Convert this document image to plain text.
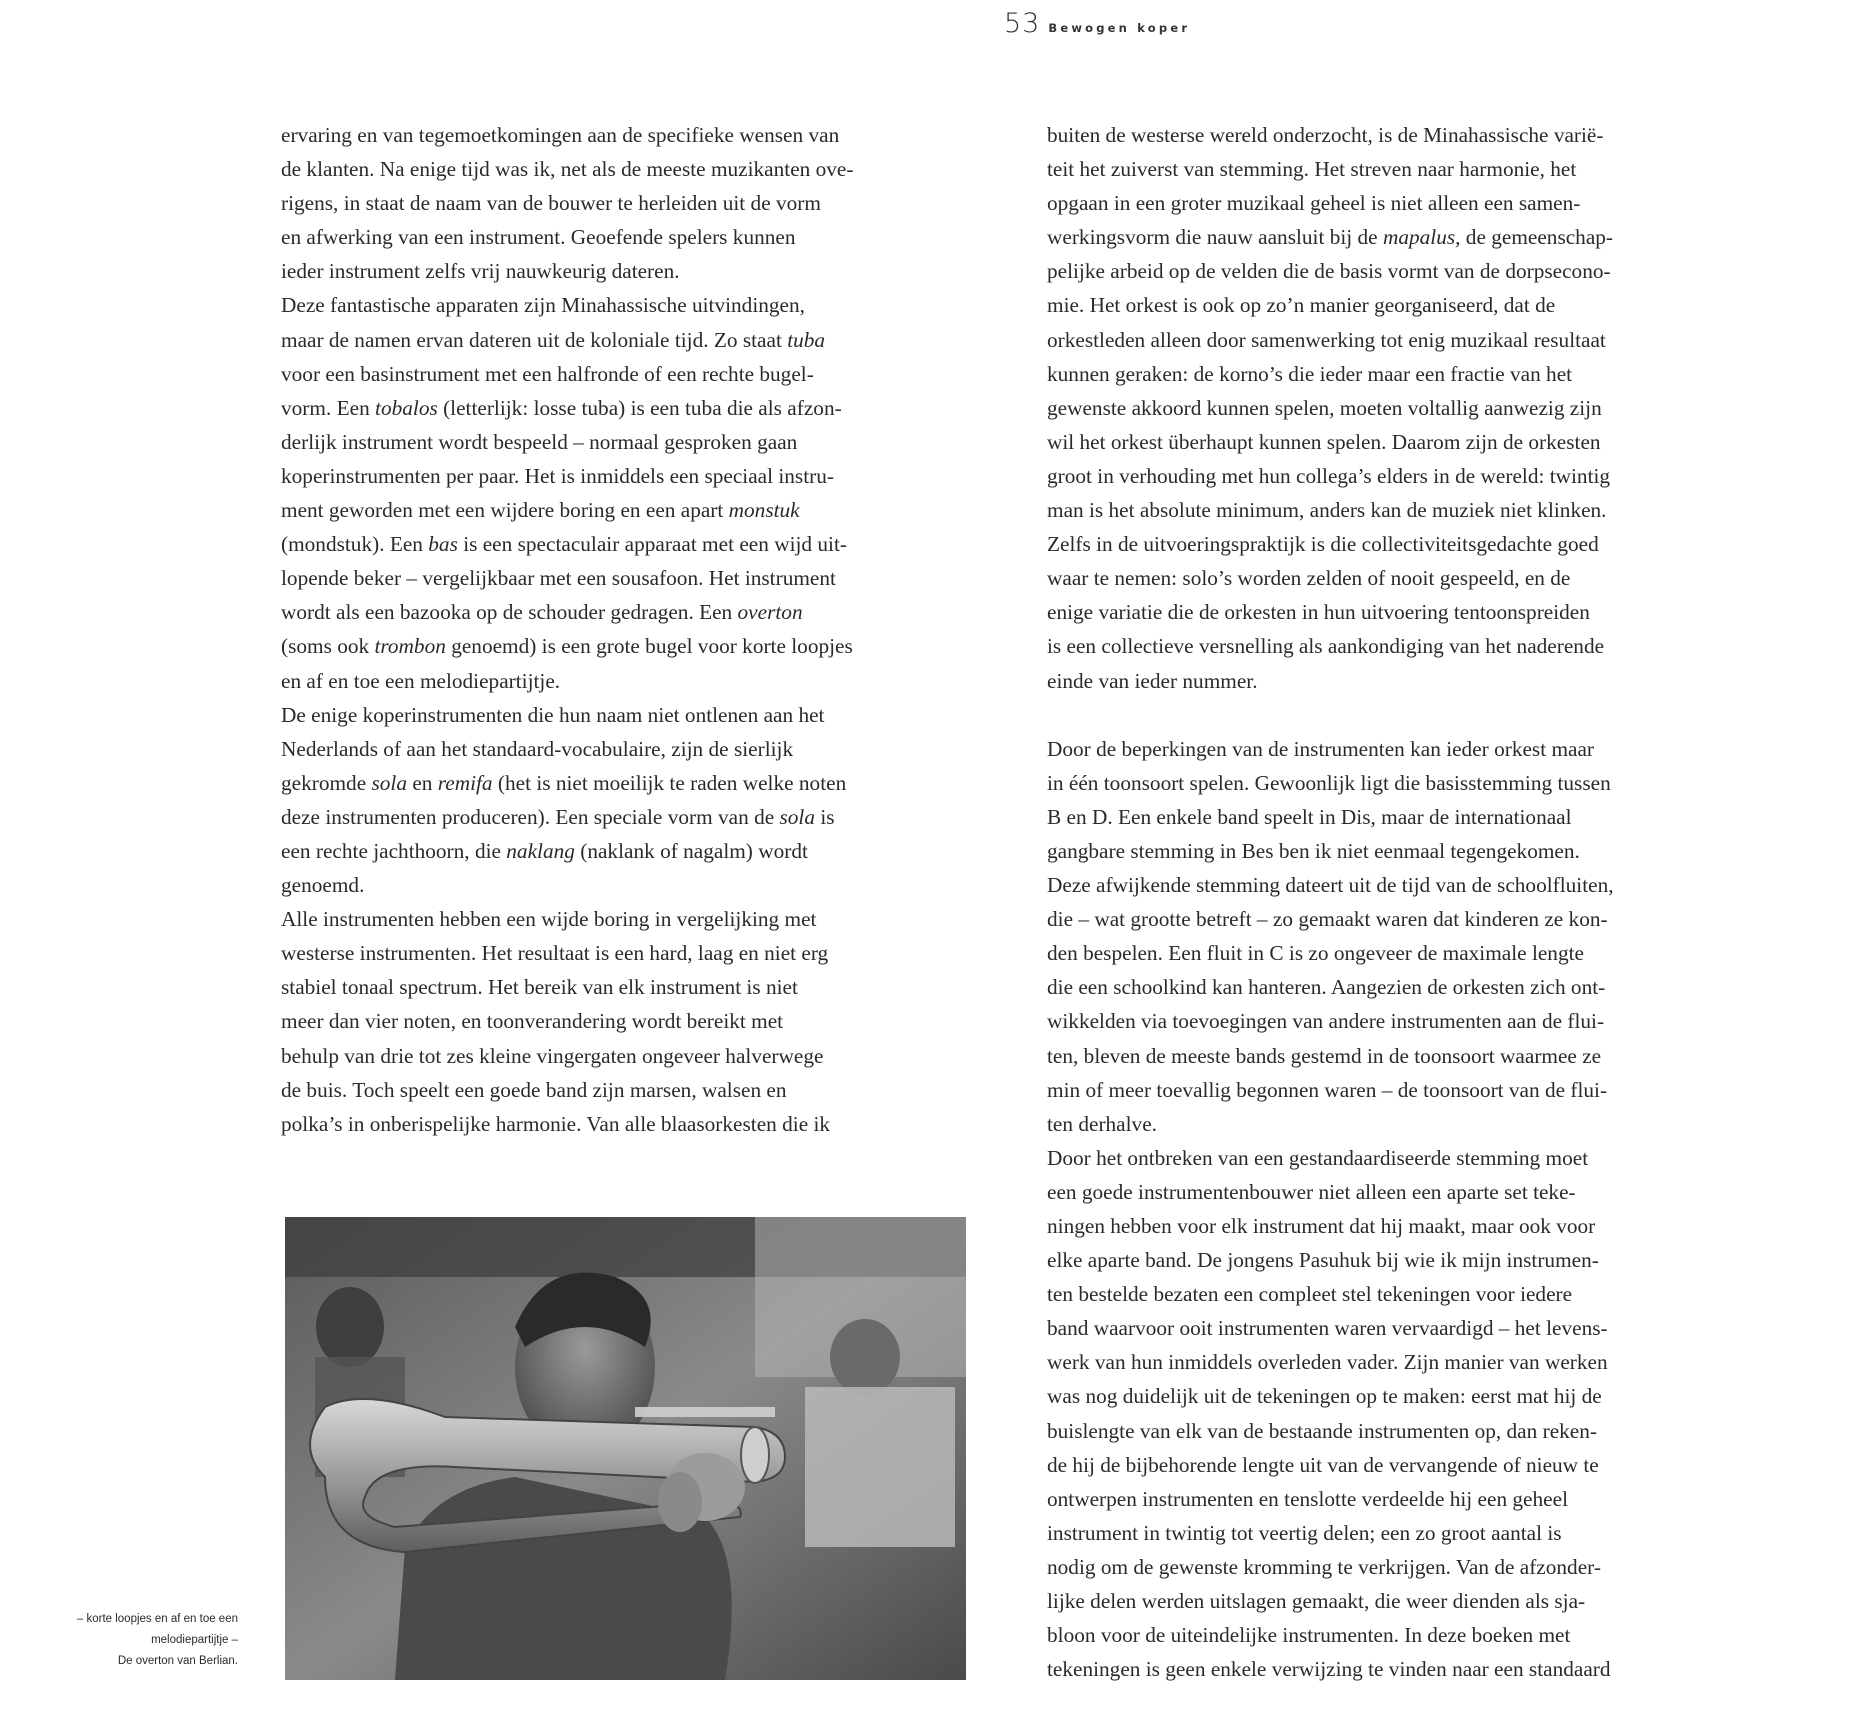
53 Bewogen koper
ervaring en van tegemoetkomingen aan de specifieke wensen van
de klanten. Na enige tijd was ik, net als de meeste muzikanten ove-
rigens, in staat de naam van de bouwer te herleiden uit de vorm
en afwerking van een instrument. Geoefende spelers kunnen
ieder instrument zelfs vrij nauwkeurig dateren.
Deze fantastische apparaten zijn Minahassische uitvindingen,
maar de namen ervan dateren uit de koloniale tijd. Zo staat tuba
voor een basinstrument met een halfronde of een rechte bugel-
vorm. Een tobalos (letterlijk: losse tuba) is een tuba die als afzon-
derlijk instrument wordt bespeeld – normaal gesproken gaan
koperinstrumenten per paar. Het is inmiddels een speciaal instru-
ment geworden met een wijdere boring en een apart monstuk
(mondstuk). Een bas is een spectaculair apparaat met een wijd uit-
lopende beker – vergelijkbaar met een sousafoon. Het instrument
wordt als een bazooka op de schouder gedragen. Een overton
(soms ook trombon genoemd) is een grote bugel voor korte loopjes
en af en toe een melodiepartijtje.
De enige koperinstrumenten die hun naam niet ontlenen aan het
Nederlands of aan het standaard-vocabulaire, zijn de sierlijk
gekromde sola en remifa (het is niet moeilijk te raden welke noten
deze instrumenten produceren). Een speciale vorm van de sola is
een rechte jachthoorn, die naklang (naklank of nagalm) wordt
genoemd.
Alle instrumenten hebben een wijde boring in vergelijking met
westerse instrumenten. Het resultaat is een hard, laag en niet erg
stabiel tonaal spectrum. Het bereik van elk instrument is niet
meer dan vier noten, en toonverandering wordt bereikt met
behulp van drie tot zes kleine vingergaten ongeveer halverwege
de buis. Toch speelt een goede band zijn marsen, walsen en
polka’s in onberispelijke harmonie. Van alle blaasorkesten die ik
buiten de westerse wereld onderzocht, is de Minahassische varië-
teit het zuiverst van stemming. Het streven naar harmonie, het
opgaan in een groter muzikaal geheel is niet alleen een samen-
werkingsvorm die nauw aansluit bij de mapalus, de gemeenschap-
pelijke arbeid op de velden die de basis vormt van de dorpsecono-
mie. Het orkest is ook op zo’n manier georganiseerd, dat de
orkestleden alleen door samenwerking tot enig muzikaal resultaat
kunnen geraken: de korno’s die ieder maar een fractie van het
gewenste akkoord kunnen spelen, moeten voltallig aanwezig zijn
wil het orkest überhaupt kunnen spelen. Daarom zijn de orkesten
groot in verhouding met hun collega’s elders in de wereld: twintig
man is het absolute minimum, anders kan de muziek niet klinken.
Zelfs in de uitvoeringspraktijk is die collectiviteitsgedachte goed
waar te nemen: solo’s worden zelden of nooit gespeeld, en de
enige variatie die de orkesten in hun uitvoering tentoonspreiden
is een collectieve versnelling als aankondiging van het naderende
einde van ieder nummer.
Door de beperkingen van de instrumenten kan ieder orkest maar
in één toonsoort spelen. Gewoonlijk ligt die basisstemming tussen
B en D. Een enkele band speelt in Dis, maar de internationaal
gangbare stemming in Bes ben ik niet eenmaal tegengekomen.
Deze afwijkende stemming dateert uit de tijd van de schoolfluiten,
die – wat grootte betreft – zo gemaakt waren dat kinderen ze kon-
den bespelen. Een fluit in C is zo ongeveer de maximale lengte
die een schoolkind kan hanteren. Aangezien de orkesten zich ont-
wikkelden via toevoegingen van andere instrumenten aan de flui-
ten, bleven de meeste bands gestemd in de toonsoort waarmee ze
min of meer toevallig begonnen waren – de toonsoort van de flui-
ten derhalve.
Door het ontbreken van een gestandaardiseerde stemming moet
een goede instrumentenbouwer niet alleen een aparte set teke-
ningen hebben voor elk instrument dat hij maakt, maar ook voor
elke aparte band. De jongens Pasuhuk bij wie ik mijn instrumen-
ten bestelde bezaten een compleet stel tekeningen voor iedere
band waarvoor ooit instrumenten waren vervaardigd – het levens-
werk van hun inmiddels overleden vader. Zijn manier van werken
was nog duidelijk uit de tekeningen op te maken: eerst mat hij de
buislengte van elk van de bestaande instrumenten op, dan reken-
de hij de bijbehorende lengte uit van de vervangende of nieuw te
ontwerpen instrumenten en tenslotte verdeelde hij een geheel
instrument in twintig tot veertig delen; een zo groot aantal is
nodig om de gewenste kromming te verkrijgen. Van de afzonder-
lijke delen werden uitslagen gemaakt, die weer dienden als sja-
bloon voor de uiteindelijke instrumenten. In deze boeken met
tekeningen is geen enkele verwijzing te vinden naar een standaard
– korte loopjes en af en toe een
melodiepartijtje –
De overton van Berlian.
